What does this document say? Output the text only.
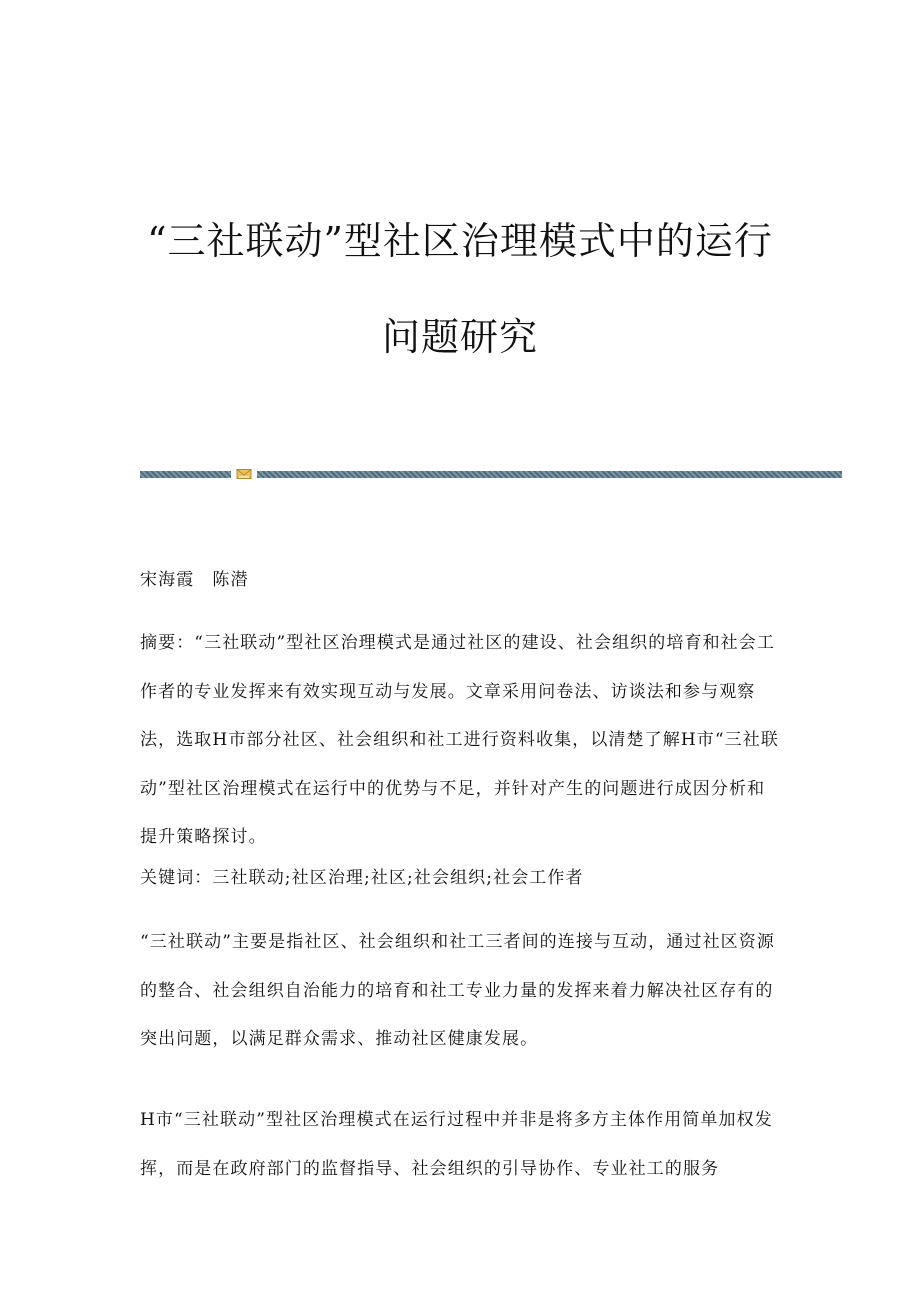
“三社联动”型社区治理模式中的运行
问题研究

宋海霞　陈潜

摘要：“三社联动”型社区治理模式是通过社区的建设、社会组织的培育和社会工作者的专业发挥来有效实现互动与发展。文章采用问卷法、访谈法和参与观察法，选取H市部分社区、社会组织和社工进行资料收集，以清楚了解H市“三社联动”型社区治理模式在运行中的优势与不足，并针对产生的问题进行成因分析和提升策略探讨。

关键词：三社联动;社区治理;社区;社会组织;社会工作者

“三社联动”主要是指社区、社会组织和社工三者间的连接与互动，通过社区资源的整合、社会组织自治能力的培育和社工专业力量的发挥来着力解决社区存有的突出问题，以满足群众需求、推动社区健康发展。

H市“三社联动”型社区治理模式在运行过程中并非是将多方主体作用简单加权发挥，而是在政府部门的监督指导、社会组织的引导协作、专业社工的服务
